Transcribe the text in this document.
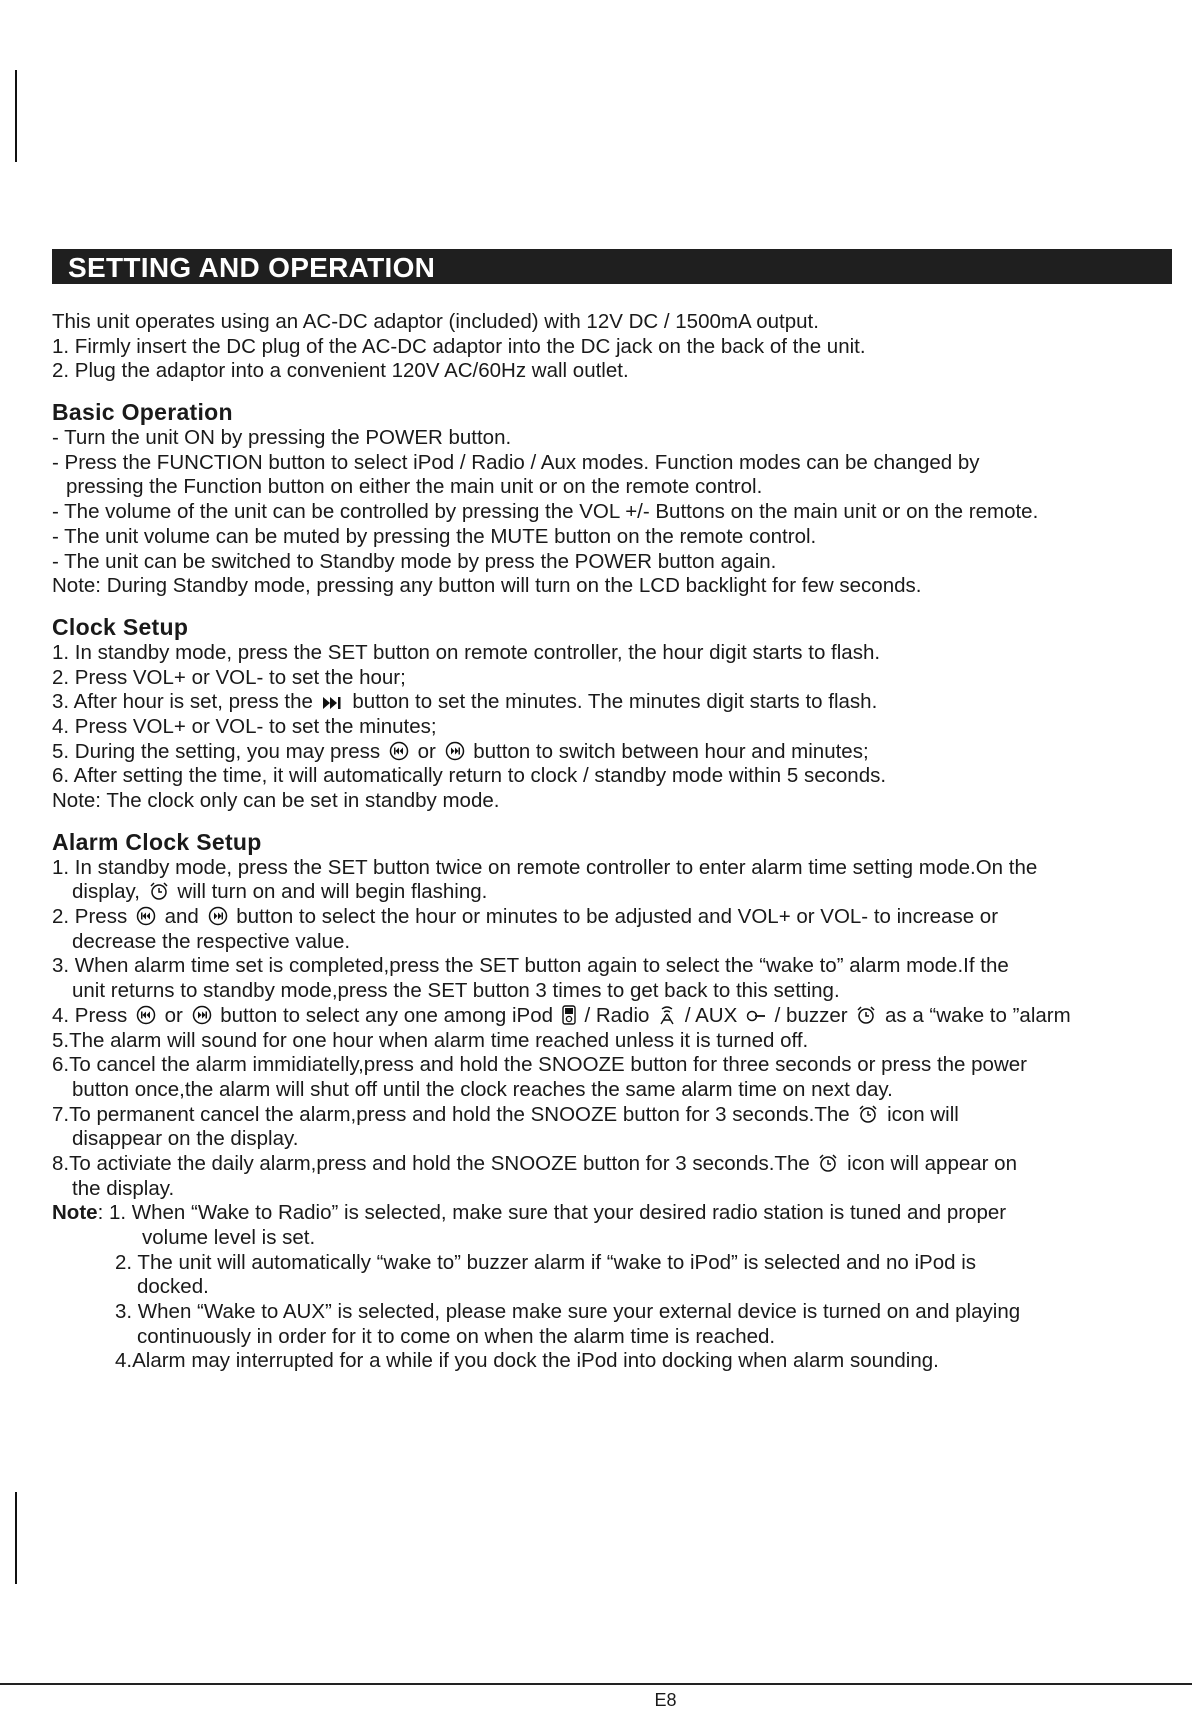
SETTING AND OPERATION
This unit operates using an AC-DC adaptor (included) with 12V DC / 1500mA output.
1. Firmly insert the DC plug of the AC-DC adaptor into the DC jack on the back of the unit.
2. Plug the adaptor into a convenient 120V AC/60Hz wall outlet.
Basic Operation
- Turn the unit ON by pressing the POWER button.
- Press the FUNCTION button to select iPod / Radio / Aux modes. Function modes can be changed by
pressing the Function button on either the main unit or on the remote control.
- The volume of the unit can be controlled by pressing the VOL +/- Buttons on the main unit or on the remote.
- The unit volume can be muted by pressing the MUTE button on the remote control.
- The unit can be switched to Standby mode by press the POWER button again.
Note: During Standby mode, pressing any button will turn on the LCD backlight for few seconds.
Clock Setup
1. In standby mode, press the SET button on remote controller, the hour digit starts to flash.
2. Press VOL+ or VOL- to set the hour;
3. After hour is set, press the button to set the minutes. The minutes digit starts to flash.
4. Press VOL+ or VOL- to set the minutes;
5. During the setting, you may press or button to switch between hour and minutes;
6. After setting the time, it will automatically return to clock / standby mode within 5 seconds.
Note: The clock only can be set in standby mode.
Alarm Clock Setup
1. In standby mode, press the SET button twice on remote controller to enter alarm time setting mode.On the
display, will turn on and will begin flashing.
2. Press and button to select the hour or minutes to be adjusted and VOL+ or VOL- to increase or
decrease the respective value.
3. When alarm time set is completed,press the SET button again to select the “wake to” alarm mode.If the
unit returns to standby mode,press the SET button 3 times to get back to this setting.
4. Press or button to select any one among iPod / Radio / AUX / buzzer as a “wake to ”alarm
5.The alarm will sound for one hour when alarm time reached unless it is turned off.
6.To cancel the alarm immidiatelly,press and hold the SNOOZE button for three seconds or press the power
button once,the alarm will shut off until the clock reaches the same alarm time on next day.
7.To permanent cancel the alarm,press and hold the SNOOZE button for 3 seconds.The icon will
disappear on the display.
8.To activiate the daily alarm,press and hold the SNOOZE button for 3 seconds.The icon will appear on
the display.
Note: 1. When “Wake to Radio” is selected, make sure that your desired radio station is tuned and proper
volume level is set.
2. The unit will automatically “wake to” buzzer alarm if “wake to iPod” is selected and no iPod is
docked.
3. When “Wake to AUX” is selected, please make sure your external device is turned on and playing
continuously in order for it to come on when the alarm time is reached.
4.Alarm may interrupted for a while if you dock the iPod into docking when alarm sounding.
E8
